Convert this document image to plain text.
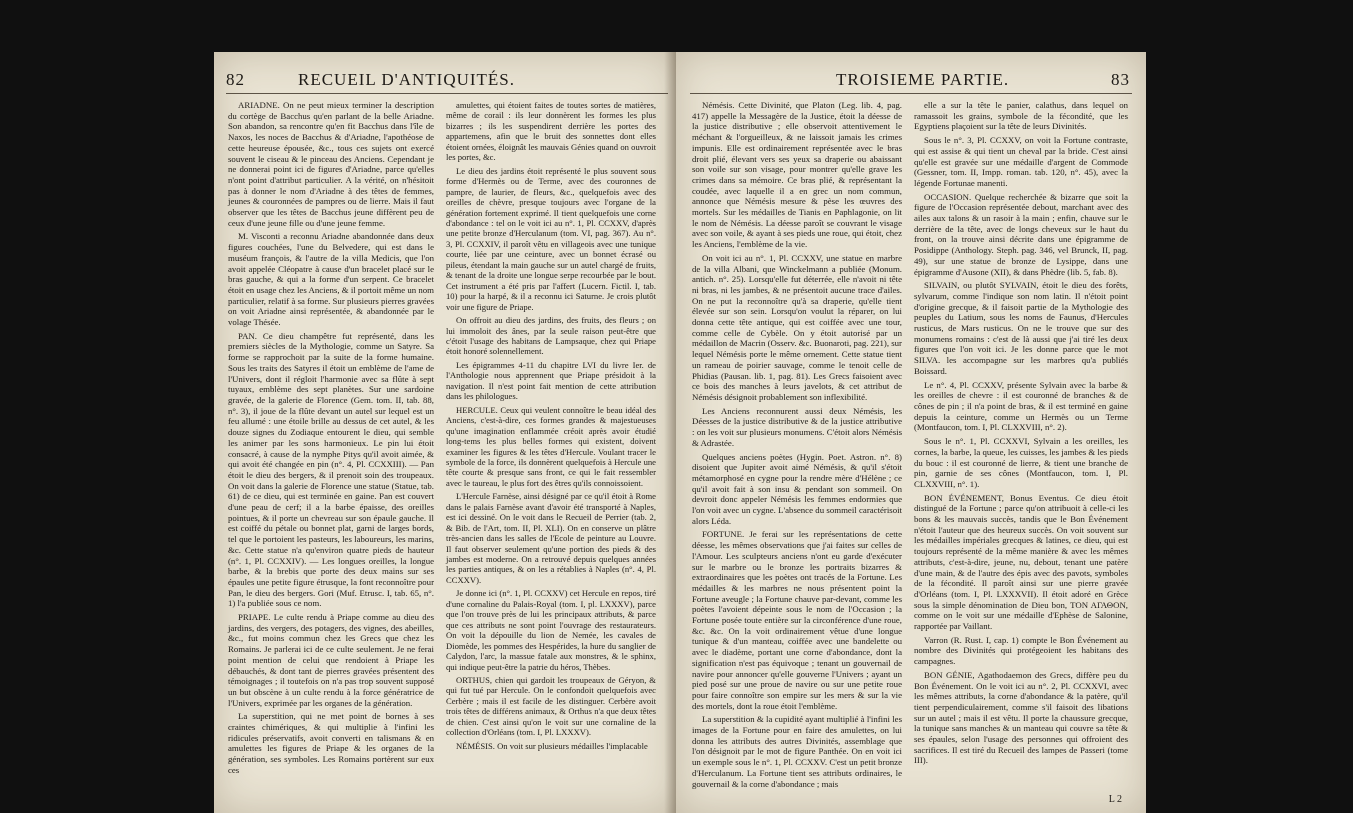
82	RECUEIL D'ANTIQUITÉS.

ARIADNE. On ne peut mieux terminer la description du cortège de Bacchus qu'en parlant de la belle Ariadne. Son abandon, sa rencontre qu'en fit Bacchus dans l'île de Naxos, les noces de Bacchus & d'Ariadne, l'apothéose de cette heureuse épousée, &c., tous ces sujets ont exercé souvent le ciseau & le pinceau des Anciens. Cependant je ne donnerai point ici de figures d'Ariadne, parce qu'elles n'ont point d'attribut particulier. A la vérité, on n'hésitoit pas à donner le nom d'Ariadne à des têtes de femmes, jeunes & couronnées de pampres ou de lierre. Mais il faut observer que les têtes de Bacchus jeune diffèrent peu de ceux d'une jeune fille ou d'une jeune femme.

M. Visconti a reconnu Ariadne abandonnée dans deux figures couchées, l'une du Belvedere, qui est dans le muséum françois, & l'autre de la villa Medicis, que l'on avoit appelée Cléopatre à cause d'un bracelet placé sur le bras gauche, & qui a la forme d'un serpent. Ce bracelet étoit en usage chez les Anciens, & il portoit même un nom particulier, relatif à sa forme. Sur plusieurs pierres gravées on voit Ariadne ainsi représentée, & abandonnée par le volage Thésée.

PAN. Ce dieu champêtre fut représenté, dans les premiers siècles de la Mythologie, comme un Satyre. Sa forme se rapprochoit par la suite de la forme humaine. Sous les traits des Satyres il étoit un emblème de l'ame de l'Univers, dont il régloit l'harmonie avec sa flûte à sept tuyaux, emblème des sept planètes. Sur une sardoine gravée, de la galerie de Florence (Gem. tom. II, tab. 88, n°. 3), il joue de la flûte devant un autel sur lequel est un feu allumé : une étoile brille au dessus de cet autel, & les douze signes du Zodiaque entourent le dieu, qui semble les animer par les sons harmonieux. Le pin lui étoit consacré, à cause de la nymphe Pitys qu'il avoit aimée, & qui avoit été changée en pin (n°. 4, Pl. CCXXIII). — Pan étoit le dieu des bergers, & il prenoit soin des troupeaux. On voit dans la galerie de Florence une statue (Statue, tab. 61) de ce dieu, qui est terminée en gaine. Pan est couvert d'une peau de cerf; il a la barbe épaisse, des oreilles pointues, & il porte un chevreau sur son épaule gauche. Il est coiffé du pétale ou bonnet plat, garni de larges bords, tel que le portoient les pasteurs, les laboureurs, les marins, &c. Cette statue n'a qu'environ quatre pieds de hauteur (n°. 1, Pl. CCXXIV). — Les longues oreilles, la longue barbe, & la brebis que porte des deux mains sur ses épaules une petite figure étrusque, la font reconnoître pour Pan, le dieu des bergers. Gori (Muf. Etrusc. I, tab. 65, n°. 1) l'a publiée sous ce nom.

PRIAPE. Le culte rendu à Priape comme au dieu des jardins, des vergers, des potagers, des vignes, des abeilles, &c., fut moins commun chez les Grecs que chez les Romains. Je parlerai ici de ce culte seulement. Je ne ferai point mention de celui que rendoient à Priape les débauchés, & dont tant de pierres gravées présentent des témoignages ; il toutefois on n'a pas trop souvent supposé un but obscène à un culte rendu à la force génératrice de l'Univers, exprimée par les organes de la génération.

La superstition, qui ne met point de bornes à ses craintes chimériques, & qui multiplie à l'infini les ridicules préservatifs, avoit converti en talismans & en amulettes les figures de Priape & les organes de la génération, ses symboles. Les Romains portèrent sur eux ces

amulettes, qui étoient faites de toutes sortes de matières, même de corail : ils leur donnèrent les formes les plus bizarres ; ils les suspendirent derrière les portes des appartemens, afin que le bruit des sonnettes dont elles étoient ornées, éloignât les mauvais Génies quand on ouvroit les portes, &c.

Le dieu des jardins étoit représenté le plus souvent sous forme d'Hermès ou de Terme, avec des couronnes de pampre, de laurier, de fleurs, &c., quelquefois avec des oreilles de chèvre, presque toujours avec l'organe de la génération fortement exprimé. Il tient quelquefois une corne d'abondance : tel on le voit ici au n°. 1, Pl. CCXXV, d'après une petite bronze d'Herculanum (tom. VI, pag. 367). Au n°. 3, Pl. CCXXIV, il paroît vêtu en villageois avec une tunique courte, liée par une ceinture, avec un bonnet écrasé ou pileus, étendant la main gauche sur un autel chargé de fruits, & tenant de la droite une longue serpe recourbée par le bout. Cet instrument a été pris par l'affert (Lucern. Fictil. I, tab. 10) pour la harpé, & il a reconnu ici Saturne. Je crois plutôt voir une figure de Priape.

On offroit au dieu des jardins, des fruits, des fleurs ; on lui immoloit des ânes, par la seule raison peut-être que c'étoit l'usage des habitans de Lampsaque, chez qui Priape étoit honoré solennellement.

Les épigrammes 4-11 du chapitre LVI du livre Ier. de l'Anthologie nous apprennent que Priape présidoit à la navigation. Il n'est point fait mention de cette attribution dans les philologues.

HERCULE. Ceux qui veulent connoître le beau idéal des Anciens, c'est-à-dire, ces formes grandes & majestueuses qu'une imagination enflammée créoit après avoir étudié long-tems les plus belles formes qui existent, doivent examiner les figures & les têtes d'Hercule. Voulant tracer le symbole de la force, ils donnèrent quelquefois à Hercule une tête courte & presque sans front, ce qui le fait ressembler avec le taureau, le plus fort des êtres qu'ils connoissoient.

L'Hercule Farnèse, ainsi désigné par ce qu'il étoit à Rome dans le palais Farnèse avant d'avoir été transporté à Naples, est ici dessiné. On le voit dans le Recueil de Perrier (tab. 2, & Bib. de l'Art, tom. II, Pl. XLI). On en conserve un plâtre très-ancien dans les salles de l'Ecole de peinture au Louvre. Il faut observer seulement qu'une portion des pieds & des jambes est moderne. On a retrouvé depuis quelques années les parties antiques, & on les a rétablies à Naples (n°. 4, Pl. CCXXV).

Je donne ici (n°. 1, Pl. CCXXV) cet Hercule en repos, tiré d'une cornaline du Palais-Royal (tom. I, pl. LXXXV), parce que l'on trouve près de lui les principaux attributs, & parce que ces attributs ne sont point l'ouvrage des restaurateurs. On voit la dépouille du lion de Nemée, les cavales de Diomède, les pommes des Hespérides, la hure du sanglier de Calydon, l'arc, la massue fatale aux monstres, & le sphinx, qui indique peut-être la patrie du héros, Thèbes.

ORTHUS, chien qui gardoit les troupeaux de Géryon, & qui fut tué par Hercule. On le confondoit quelquefois avec Cerbère ; mais il est facile de les distinguer. Cerbère avoit trois têtes de différens animaux, & Orthus n'a que deux têtes de chien. C'est ainsi qu'on le voit sur une cornaline de la collection d'Orléans (tom. I, Pl. LXXXV).

NÉMÉSIS. On voit sur plusieurs médailles l'implacable

TROISIEME PARTIE.	83

Némésis. Cette Divinité, que Platon (Leg. lib. 4, pag. 417) appelle la Messagère de la Justice, étoit la déesse de la justice distributive ; elle observoit attentivement le méchant & l'orgueilleux, & ne laissoit jamais les crimes impunis. Elle est ordinairement représentée avec le bras droit plié, élevant vers ses yeux sa draperie ou abaissant son voile sur son visage, pour montrer qu'elle grave les crimes dans sa mémoire. Ce bras plié, & représentant la coudée, avec laquelle il a en grec un nom commun, annonce que Némésis mesure & pèse les œuvres des mortels. Sur les médailles de Tianis en Paphlagonie, on lit le nom de Némésis. La déesse paroît se couvrant le visage avec son voile, & ayant à ses pieds une roue, qui étoit, chez les Anciens, l'emblème de la vie.

On voit ici au n°. 1, Pl. CCXXV, une statue en marbre de la villa Albani, que Winckelmann a publiée (Monum. antich. n°. 25). Lorsqu'elle fut déterrée, elle n'avoit ni tête ni bras, ni les jambes, & ne présentoit aucune trace d'ailes. On ne put la reconnoître qu'à sa draperie, qu'elle tient élevée sur son sein. Lorsqu'on voulut la réparer, on lui donna cette tête antique, qui est coiffée avec une tour, comme celle de Cybèle. On y étoit autorisé par un médaillon de Macrin (Osserv. &c. Buonaroti, pag. 221), sur lequel Némésis porte le même ornement. Cette statue tient un rameau de poirier sauvage, comme le tenoit celle de Phidias (Pausan. lib. 1, pag. 81). Les Grecs faisoient avec ce bois des manches à leurs javelots, & cet attribut de Némésis désignoit probablement son inflexibilité.

Les Anciens reconnurent aussi deux Némésis, les Déesses de la justice distributive & de la justice attributive : on les voit sur plusieurs monumens. C'étoit alors Némésis & Adrastée.

Quelques anciens poètes (Hygin. Poet. Astron. n°. 8) disoient que Jupiter avoit aimé Némésis, & qu'il s'étoit métamorphosé en cygne pour la rendre mère d'Hélène ; ce qu'il avoit fait à son insu & pendant son sommeil. On devroit donc appeler Némésis les femmes endormies que l'on voit avec un cygne. L'absence du sommeil caractérisoit alors Léda.

FORTUNE. Je ferai sur les représentations de cette déesse, les mêmes observations que j'ai faites sur celles de l'Amour. Les sculpteurs anciens n'ont eu garde d'exécuter sur le marbre ou le bronze les portraits bizarres & extraordinaires que les poètes ont tracés de la Fortune. Les médailles & les marbres ne nous présentent point la Fortune aveugle ; la Fortune chauve par-devant, comme les poètes l'avoient dépeinte sous le nom de l'Occasion ; la Fortune posée toute entière sur la circonférence d'une roue, &c. &c. On la voit ordinairement vêtue d'une longue tunique & d'un manteau, coiffée avec une bandelette ou avec le diadème, portant une corne d'abondance, dont la signification n'est pas équivoque ; tenant un gouvernail de navire pour annoncer qu'elle gouverne l'Univers ; ayant un pied posé sur une proue de navire ou sur une petite roue pour faire connoître son empire sur les mers & sur la vie des mortels, dont la roue étoit l'emblème.

La superstition & la cupidité ayant multiplié à l'infini les images de la Fortune pour en faire des amulettes, on lui donna les attributs des autres Divinités, assemblage que l'on désignoit par le mot de figure Panthée. On en voit ici un exemple sous le n°. 1, Pl. CCXXV. C'est un petit bronze d'Herculanum. La Fortune tient ses attributs ordinaires, le gouvernail & la corne d'abondance ; mais

elle a sur la tête le panier, calathus, dans lequel on ramassoit les grains, symbole de la fécondité, que les Egyptiens plaçoient sur la tête de leurs Divinités.

Sous le n°. 3, Pl. CCXXV, on voit la Fortune contraste, qui est assise & qui tient un cheval par la bride. C'est ainsi qu'elle est gravée sur une médaille d'argent de Commode (Gessner, tom. II, Impp. roman. tab. 120, n°. 45), avec la légende Fortunae manenti.

OCCASION. Quelque recherchée & bizarre que soit la figure de l'Occasion représentée debout, marchant avec des ailes aux talons & un rasoir à la main ; enfin, chauve sur le derrière de la tête, avec de longs cheveux sur le haut du front, on la trouve ainsi décrite dans une épigramme de Posidippe (Anthology. Steph. pag. 346, vel Brunck, II, pag. 49), sur une statue de bronze de Lysippe, dans une épigramme d'Ausone (XII), & dans Phèdre (lib. 5, fab. 8).

SILVAIN, ou plutôt SYLVAIN, étoit le dieu des forêts, sylvarum, comme l'indique son nom latin. Il n'étoit point d'origine grecque, & il faisoit partie de la Mythologie des peuples du Latium, sous les noms de Faunus, d'Hercules rusticus, de Mars rusticus. On ne le trouve que sur des monumens romains : c'est de là aussi que j'ai tiré les deux figures que l'on voit ici. Je les donne parce que le mot SILVA. les accompagne sur les marbres qu'a publiés Boissard.

Le n°. 4, Pl. CCXXV, présente Sylvain avec la barbe & les oreilles de chevre : il est couronné de branches & de cônes de pin ; il n'a point de bras, & il est terminé en gaine depuis la ceinture, comme un Hermès ou un Terme (Montfaucon, tom. I, Pl. CLXXVIII, n°. 2).

Sous le n°. 1, Pl. CCXXVI, Sylvain a les oreilles, les cornes, la barbe, la queue, les cuisses, les jambes & les pieds du bouc : il est couronné de lierre, & tient une branche de pin, garnie de ses cônes (Montfaucon, tom. I, Pl. CLXXVIII, n°. 1).

BON ÉVÉNEMENT, Bonus Eventus. Ce dieu étoit distingué de la Fortune ; parce qu'on attribuoit à celle-ci les bons & les mauvais succès, tandis que le Bon Événement n'étoit l'auteur que des heureux succès. On voit souvent sur les médailles impériales grecques & latines, ce dieu, qui est toujours représenté de la même manière & avec les mêmes attributs, c'est-à-dire, jeune, nu, debout, tenant une patère d'une main, & de l'autre des épis avec des pavots, symboles de la fécondité. Il paroît ainsi sur une pierre gravée d'Orléans (tom. I, Pl. LXXXVII). Il étoit adoré en Grèce sous la simple dénomination de Dieu bon, ΤΟΝ ΑΓΑΘΟΝ, comme on le voit sur une médaille d'Ephèse de Salonine, rapportée par Vaillant.

Varron (R. Rust. I, cap. 1) compte le Bon Événement au nombre des Divinités qui protégeoient les habitans des campagnes.

BON GÉNIE, Agathodaemon des Grecs, diffère peu du Bon Événement. On le voit ici au n°. 2, Pl. CCXXVI, avec les mêmes attributs, la corne d'abondance & la patère, qu'il tient perpendiculairement, comme s'il faisoit des libations sur un autel ; mais il est vêtu. Il porte la chaussure grecque, la tunique sans manches & un manteau qui couvre sa tête & ses épaules, selon l'usage des personnes qui offroient des sacrifices. Il est tiré du Recueil des lampes de Passeri (tome III).

L 2
